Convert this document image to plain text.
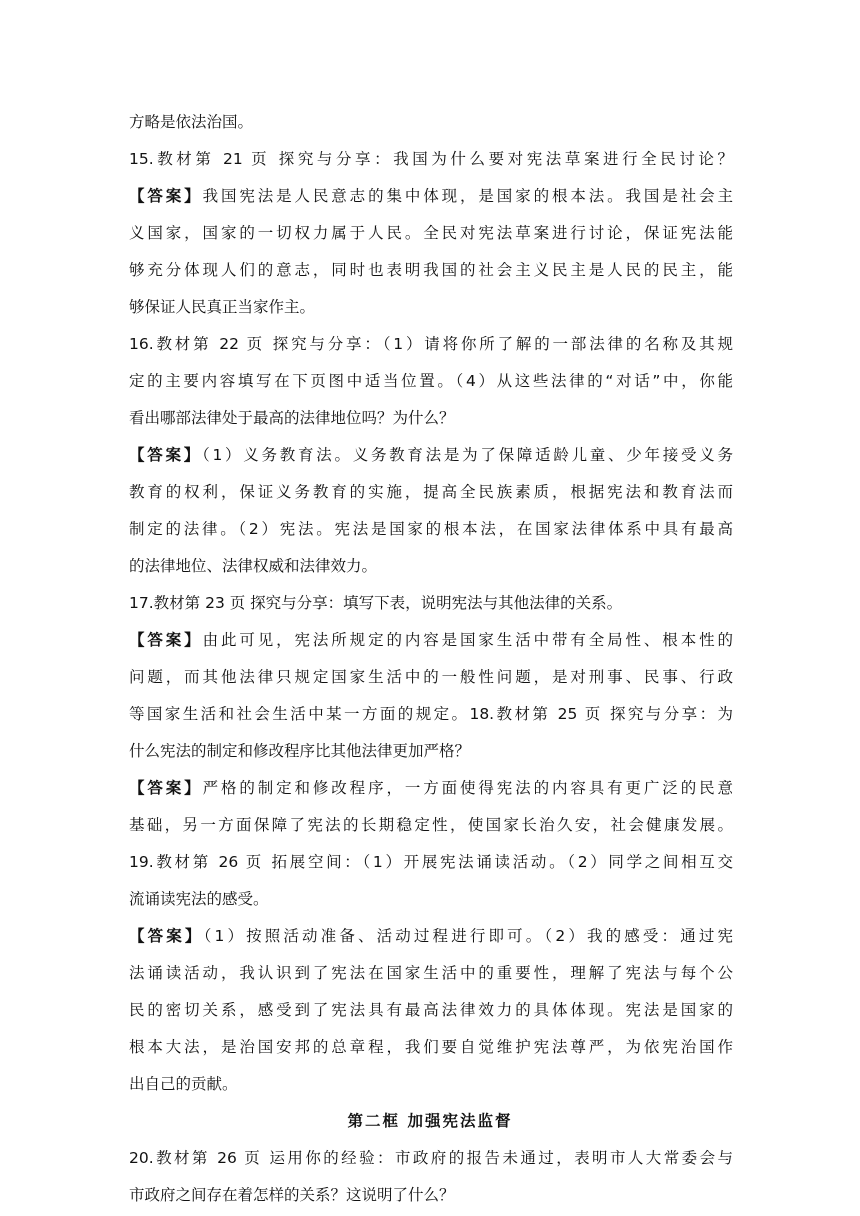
方略是依法治国。
15.教材第 21 页 探究与分享：我国为什么要对宪法草案进行全民讨论？
【答案】我国宪法是人民意志的集中体现，是国家的根本法。我国是社会主
义国家，国家的一切权力属于人民。全民对宪法草案进行讨论，保证宪法能
够充分体现人们的意志，同时也表明我国的社会主义民主是人民的民主，能
够保证人民真正当家作主。
16.教材第 22 页 探究与分享：（1）请将你所了解的一部法律的名称及其规
定的主要内容填写在下页图中适当位置。（4）从这些法律的“对话”中，你能
看出哪部法律处于最高的法律地位吗？为什么？
【答案】（1）义务教育法。义务教育法是为了保障适龄儿童、少年接受义务
教育的权利，保证义务教育的实施，提高全民族素质，根据宪法和教育法而
制定的法律。（2）宪法。宪法是国家的根本法，在国家法律体系中具有最高
的法律地位、法律权威和法律效力。
17.教材第 23 页 探究与分享：填写下表，说明宪法与其他法律的关系。
【答案】由此可见，宪法所规定的内容是国家生活中带有全局性、根本性的
问题，而其他法律只规定国家生活中的一般性问题，是对刑事、民事、行政
等国家生活和社会生活中某一方面的规定。18.教材第 25 页 探究与分享：为
什么宪法的制定和修改程序比其他法律更加严格？
【答案】严格的制定和修改程序，一方面使得宪法的内容具有更广泛的民意
基础，另一方面保障了宪法的长期稳定性，使国家长治久安，社会健康发展。
19.教材第 26 页 拓展空间：（1）开展宪法诵读活动。（2）同学之间相互交
流诵读宪法的感受。
【答案】（1）按照活动准备、活动过程进行即可。（2）我的感受：通过宪
法诵读活动，我认识到了宪法在国家生活中的重要性，理解了宪法与每个公
民的密切关系，感受到了宪法具有最高法律效力的具体体现。宪法是国家的
根本大法，是治国安邦的总章程，我们要自觉维护宪法尊严，为依宪治国作
出自己的贡献。
第二框 加强宪法监督
20.教材第 26 页 运用你的经验：市政府的报告未通过，表明市人大常委会与
市政府之间存在着怎样的关系？这说明了什么？
